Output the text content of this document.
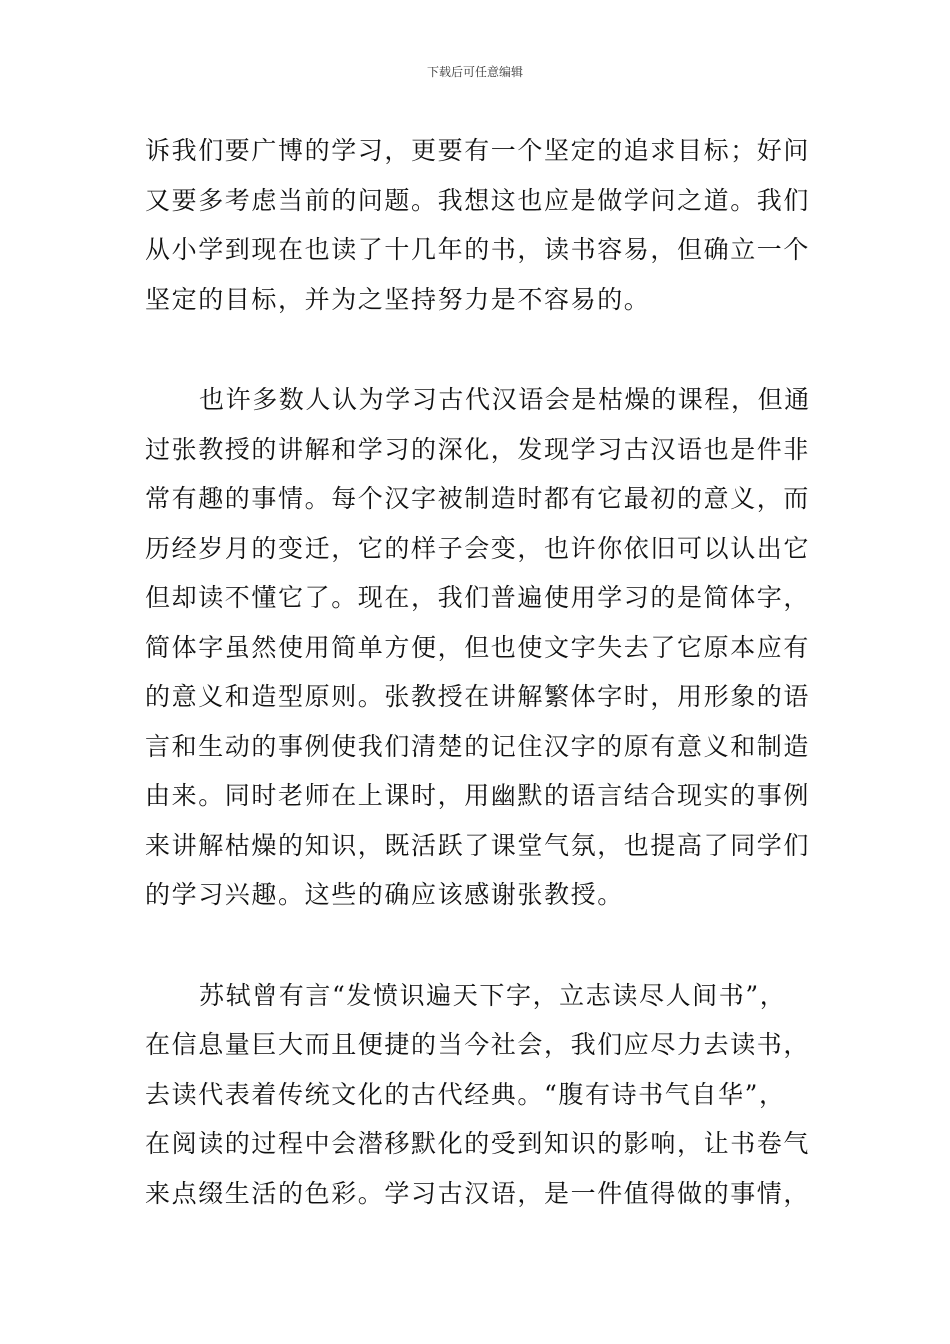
下载后可任意编辑

诉我们要广博的学习，更要有一个坚定的追求目标；好问
又要多考虑当前的问题。我想这也应是做学问之道。我们
从小学到现在也读了十几年的书，读书容易，但确立一个
坚定的目标，并为之坚持努力是不容易的。

也许多数人认为学习古代汉语会是枯燥的课程，但通
过张教授的讲解和学习的深化，发现学习古汉语也是件非
常有趣的事情。每个汉字被制造时都有它最初的意义，而
历经岁月的变迁，它的样子会变，也许你依旧可以认出它
但却读不懂它了。现在，我们普遍使用学习的是简体字，
简体字虽然使用简单方便，但也使文字失去了它原本应有
的意义和造型原则。张教授在讲解繁体字时，用形象的语
言和生动的事例使我们清楚的记住汉字的原有意义和制造
由来。同时老师在上课时，用幽默的语言结合现实的事例
来讲解枯燥的知识，既活跃了课堂气氛，也提高了同学们
的学习兴趣。这些的确应该感谢张教授。

苏轼曾有言“发愤识遍天下字，立志读尽人间书”，
在信息量巨大而且便捷的当今社会，我们应尽力去读书，
去读代表着传统文化的古代经典。“腹有诗书气自华”，
在阅读的过程中会潜移默化的受到知识的影响，让书卷气
来点缀生活的色彩。学习古汉语，是一件值得做的事情，
